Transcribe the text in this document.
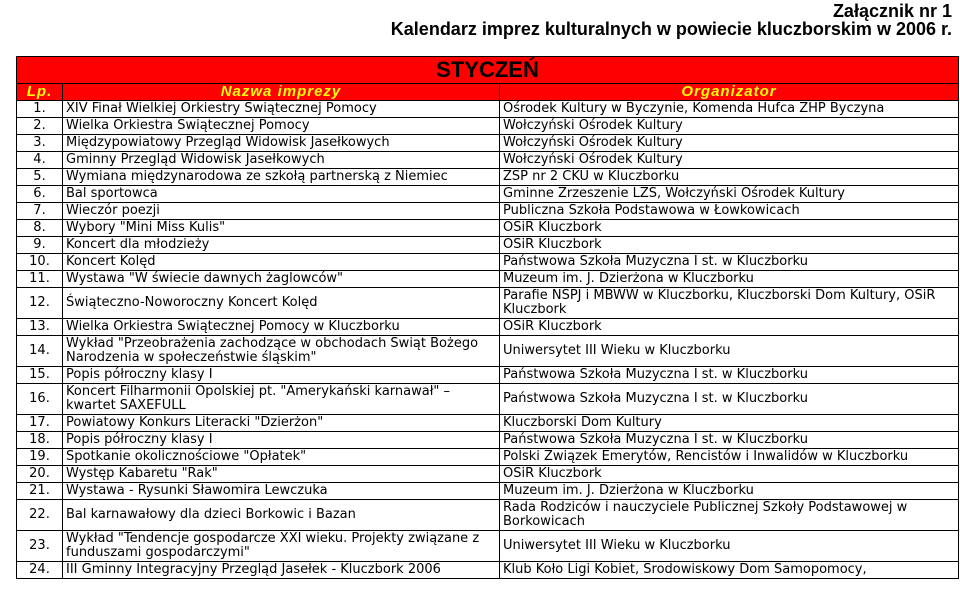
Załącznik nr 1
Kalendarz imprez kulturalnych w powiecie kluczborskim w 2006 r.
STYCZEŃ		
Lp.	Nazwa imprezy	Organizator
1.	XIV Finał Wielkiej Orkiestry Świątecznej Pomocy	Ośrodek Kultury w Byczynie, Komenda Hufca ZHP Byczyna
2.	Wielka Orkiestra Świątecznej Pomocy	Wołczyński Ośrodek Kultury
3.	Międzypowiatowy Przegląd Widowisk Jasełkowych	Wołczyński Ośrodek Kultury
4.	Gminny Przegląd Widowisk Jasełkowych	Wołczyński Ośrodek Kultury
5.	Wymiana międzynarodowa ze szkołą partnerską z Niemiec	ZSP nr 2 CKU w Kluczborku
6.	Bal sportowca	Gminne Zrzeszenie LZS, Wołczyński Ośrodek Kultury
7.	Wieczór poezji	Publiczna Szkoła Podstawowa w Łowkowicach
8.	Wybory "Mini Miss Kulis"	OSiR Kluczbork
9.	Koncert dla młodzieży	OSiR Kluczbork
10.	Koncert Kolęd	Państwowa Szkoła Muzyczna I st. w Kluczborku
11.	Wystawa "W świecie dawnych żaglowców"	Muzeum im. J. Dzierżona w Kluczborku
12.	Świąteczno-Noworoczny Koncert Kolęd	Parafie NSPJ i MBWW w Kluczborku, Kluczborski Dom Kultury, OSiR Kluczbork
13.	Wielka Orkiestra Świątecznej Pomocy w Kluczborku	OSiR Kluczbork
14.	Wykład "Przeobrażenia zachodzące w obchodach Świąt Bożego Narodzenia w społeczeństwie śląskim"	Uniwersytet III Wieku w Kluczborku
15.	Popis półroczny klasy I	Państwowa Szkoła Muzyczna I st. w Kluczborku
16.	Koncert Filharmonii Opolskiej pt. "Amerykański karnawał" – kwartet SAXEFULL	Państwowa Szkoła Muzyczna I st. w Kluczborku
17.	Powiatowy Konkurs Literacki "Dzierżon"	Kluczborski Dom Kultury
18.	Popis półroczny klasy I	Państwowa Szkoła Muzyczna I st. w Kluczborku
19.	Spotkanie okolicznościowe "Opłatek"	Polski Związek Emerytów, Rencistów i Inwalidów w Kluczborku
20.	Występ Kabaretu "Rak"	OSiR Kluczbork
21.	Wystawa - Rysunki Sławomira Lewczuka	Muzeum im. J. Dzierżona w Kluczborku
22.	Bal karnawałowy dla dzieci Borkowic i Bazan	Rada Rodziców i nauczyciele Publicznej Szkoły Podstawowej w Borkowicach
23.	Wykład "Tendencje gospodarcze XXI wieku. Projekty związane z funduszami gospodarczymi"	Uniwersytet III Wieku w Kluczborku
24.	III Gminny Integracyjny Przegląd Jasełek - Kluczbork 2006	Klub Koło Ligi Kobiet, Środowiskowy Dom Samopomocy,
